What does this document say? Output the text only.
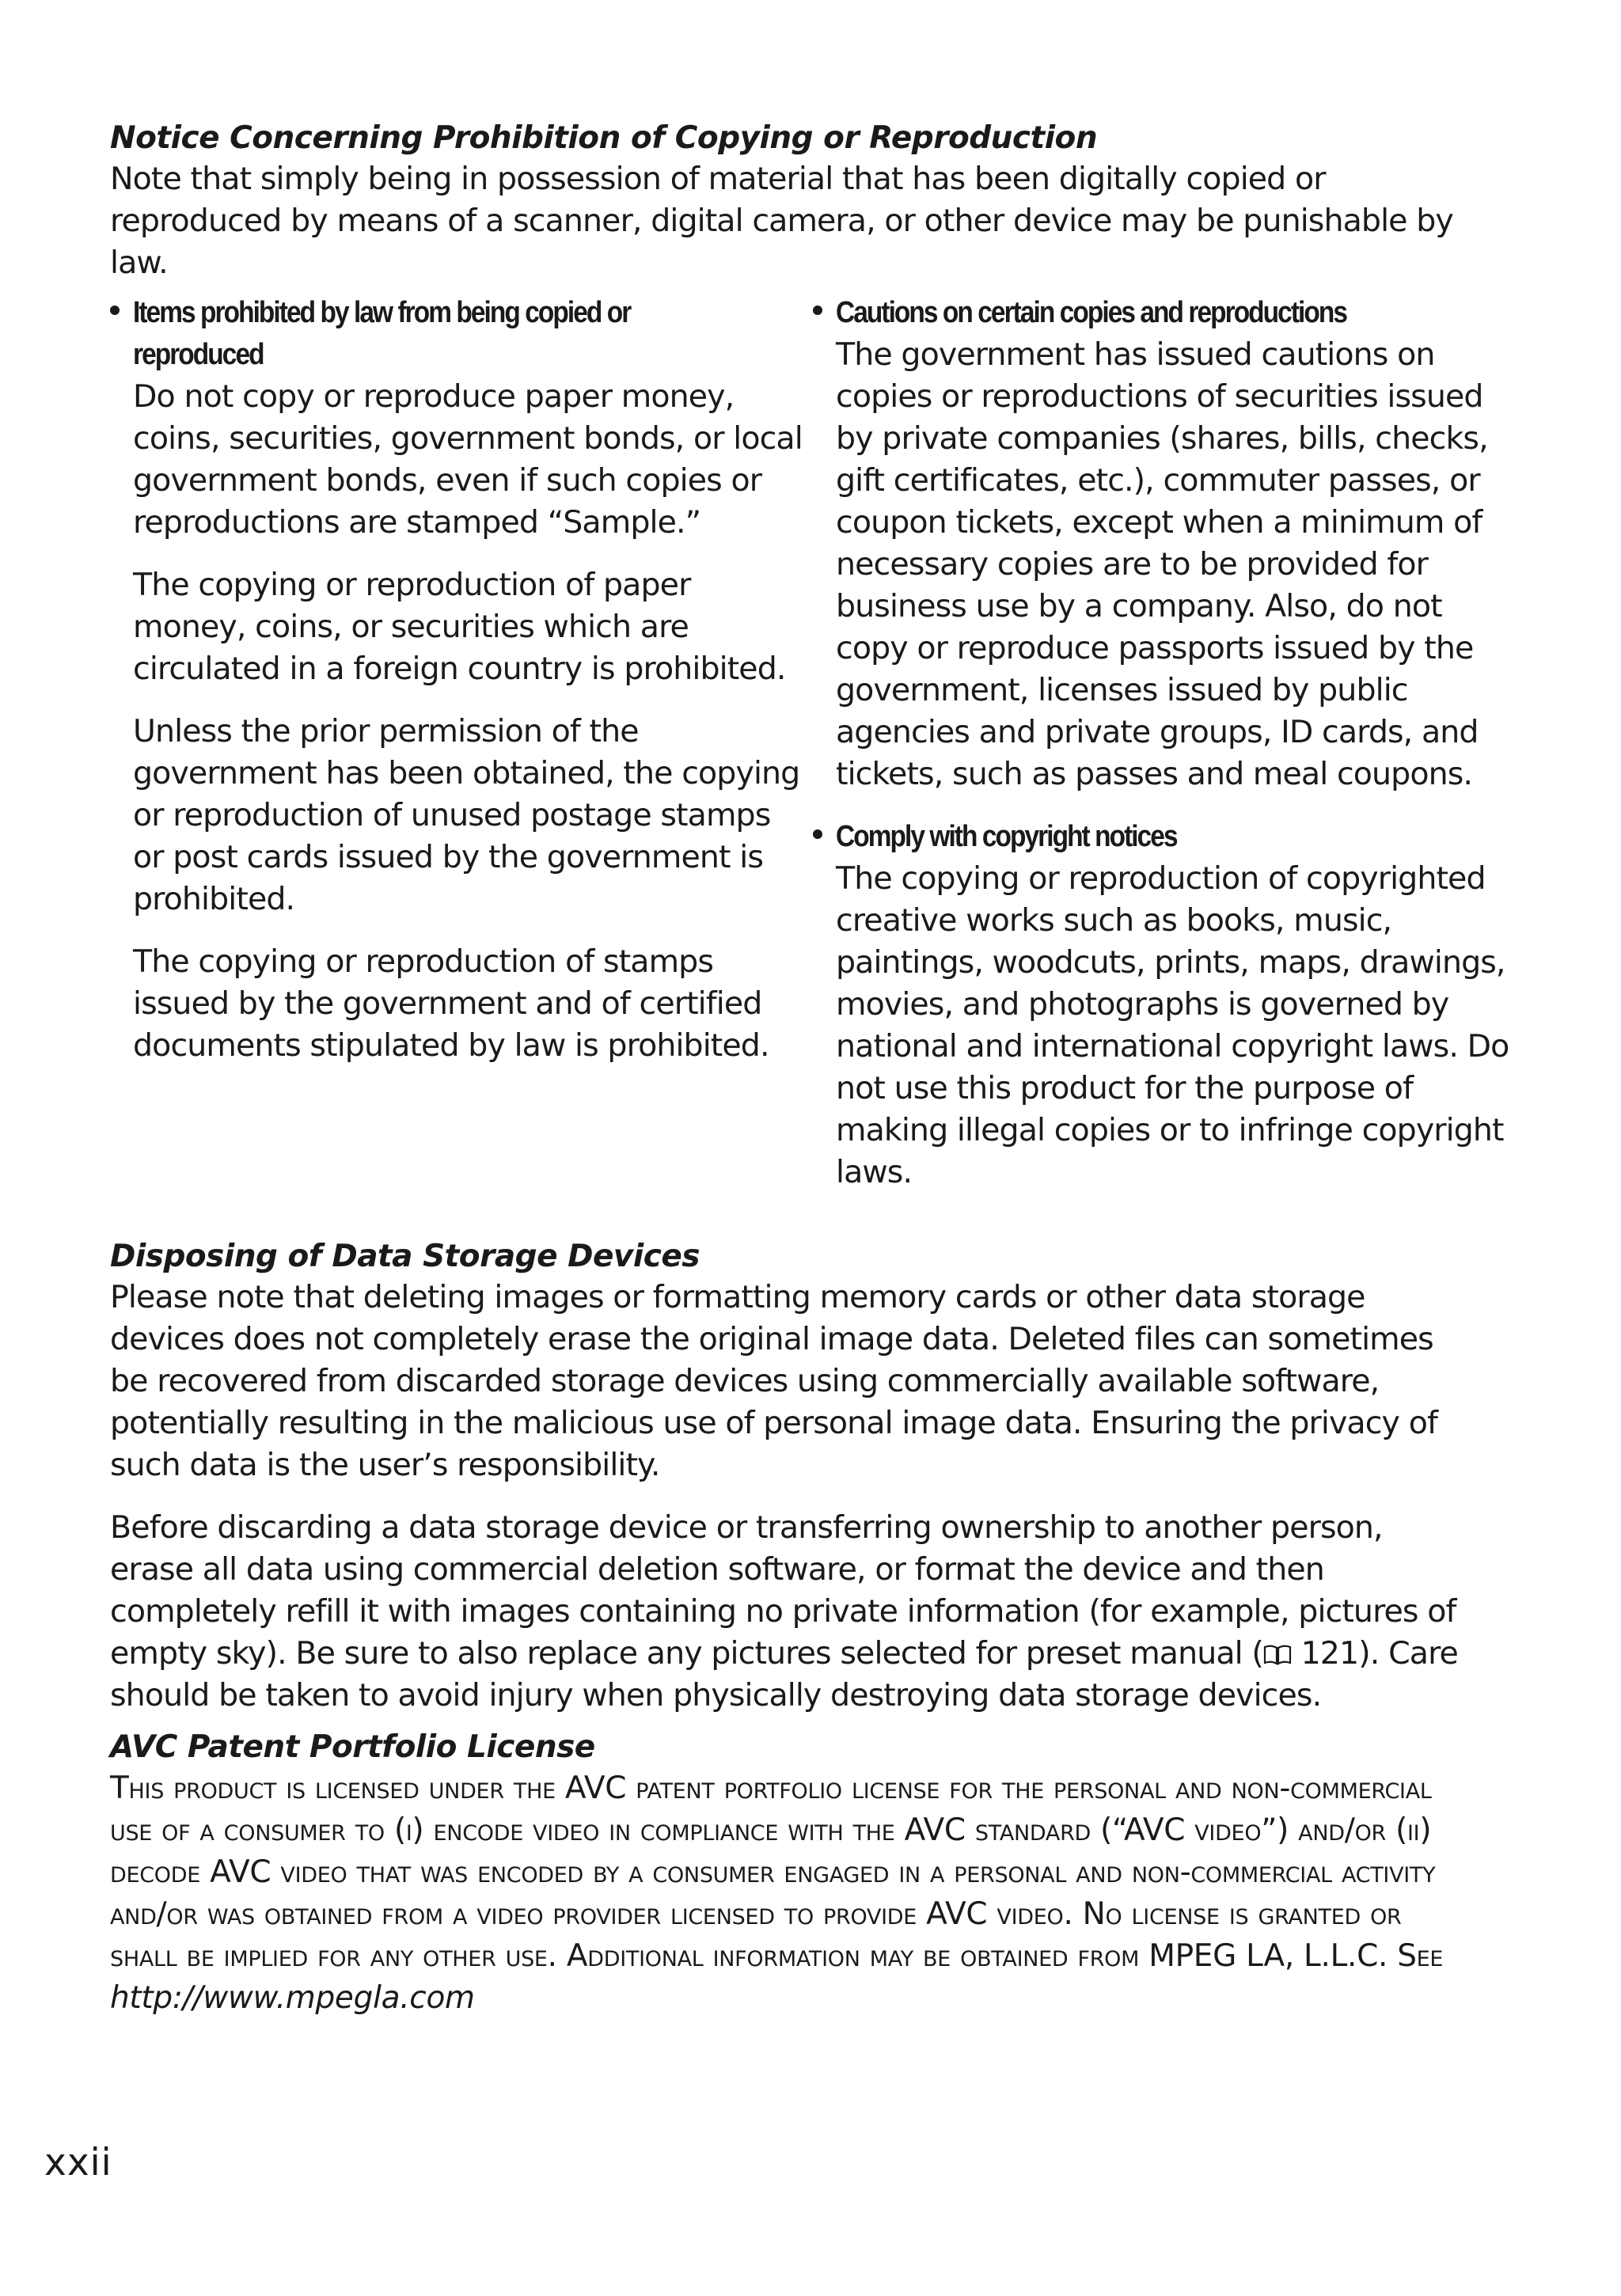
Notice Concerning Prohibition of Copying or Reproduction

Note that simply being in possession of material that has been digitally copied or reproduced by means of a scanner, digital camera, or other device may be punishable by law.

Items prohibited by law from being copied or reproduced

Do not copy or reproduce paper money, coins, securities, government bonds, or local government bonds, even if such copies or reproductions are stamped “Sample.”

The copying or reproduction of paper money, coins, or securities which are circulated in a foreign country is prohibited.

Unless the prior permission of the government has been obtained, the copying or reproduction of unused postage stamps or post cards issued by the government is prohibited.

The copying or reproduction of stamps issued by the government and of certified documents stipulated by law is prohibited.

Cautions on certain copies and reproductions

The government has issued cautions on copies or reproductions of securities issued by private companies (shares, bills, checks, gift certificates, etc.), commuter passes, or coupon tickets, except when a minimum of necessary copies are to be provided for business use by a company. Also, do not copy or reproduce passports issued by the government, licenses issued by public agencies and private groups, ID cards, and tickets, such as passes and meal coupons.

Comply with copyright notices

The copying or reproduction of copyrighted creative works such as books, music, paintings, woodcuts, prints, maps, drawings, movies, and photographs is governed by national and international copyright laws. Do not use this product for the purpose of making illegal copies or to infringe copyright laws.

Disposing of Data Storage Devices

Please note that deleting images or formatting memory cards or other data storage devices does not completely erase the original image data. Deleted files can sometimes be recovered from discarded storage devices using commercially available software, potentially resulting in the malicious use of personal image data. Ensuring the privacy of such data is the user’s responsibility.

Before discarding a data storage device or transferring ownership to another person, erase all data using commercial deletion software, or format the device and then completely refill it with images containing no private information (for example, pictures of empty sky). Be sure to also replace any pictures selected for preset manual ( 121). Care should be taken to avoid injury when physically destroying data storage devices.

AVC Patent Portfolio License

This product is licensed under the AVC patent portfolio license for the personal and non-commercial use of a consumer to (i) encode video in compliance with the AVC standard (“AVC video”) and/or (ii) decode AVC video that was encoded by a consumer engaged in a personal and non-commercial activity and/or was obtained from a video provider licensed to provide AVC video. No license is granted or shall be implied for any other use. Additional information may be obtained from MPEG LA, L.L.C. See http://www.mpegla.com

xxii
